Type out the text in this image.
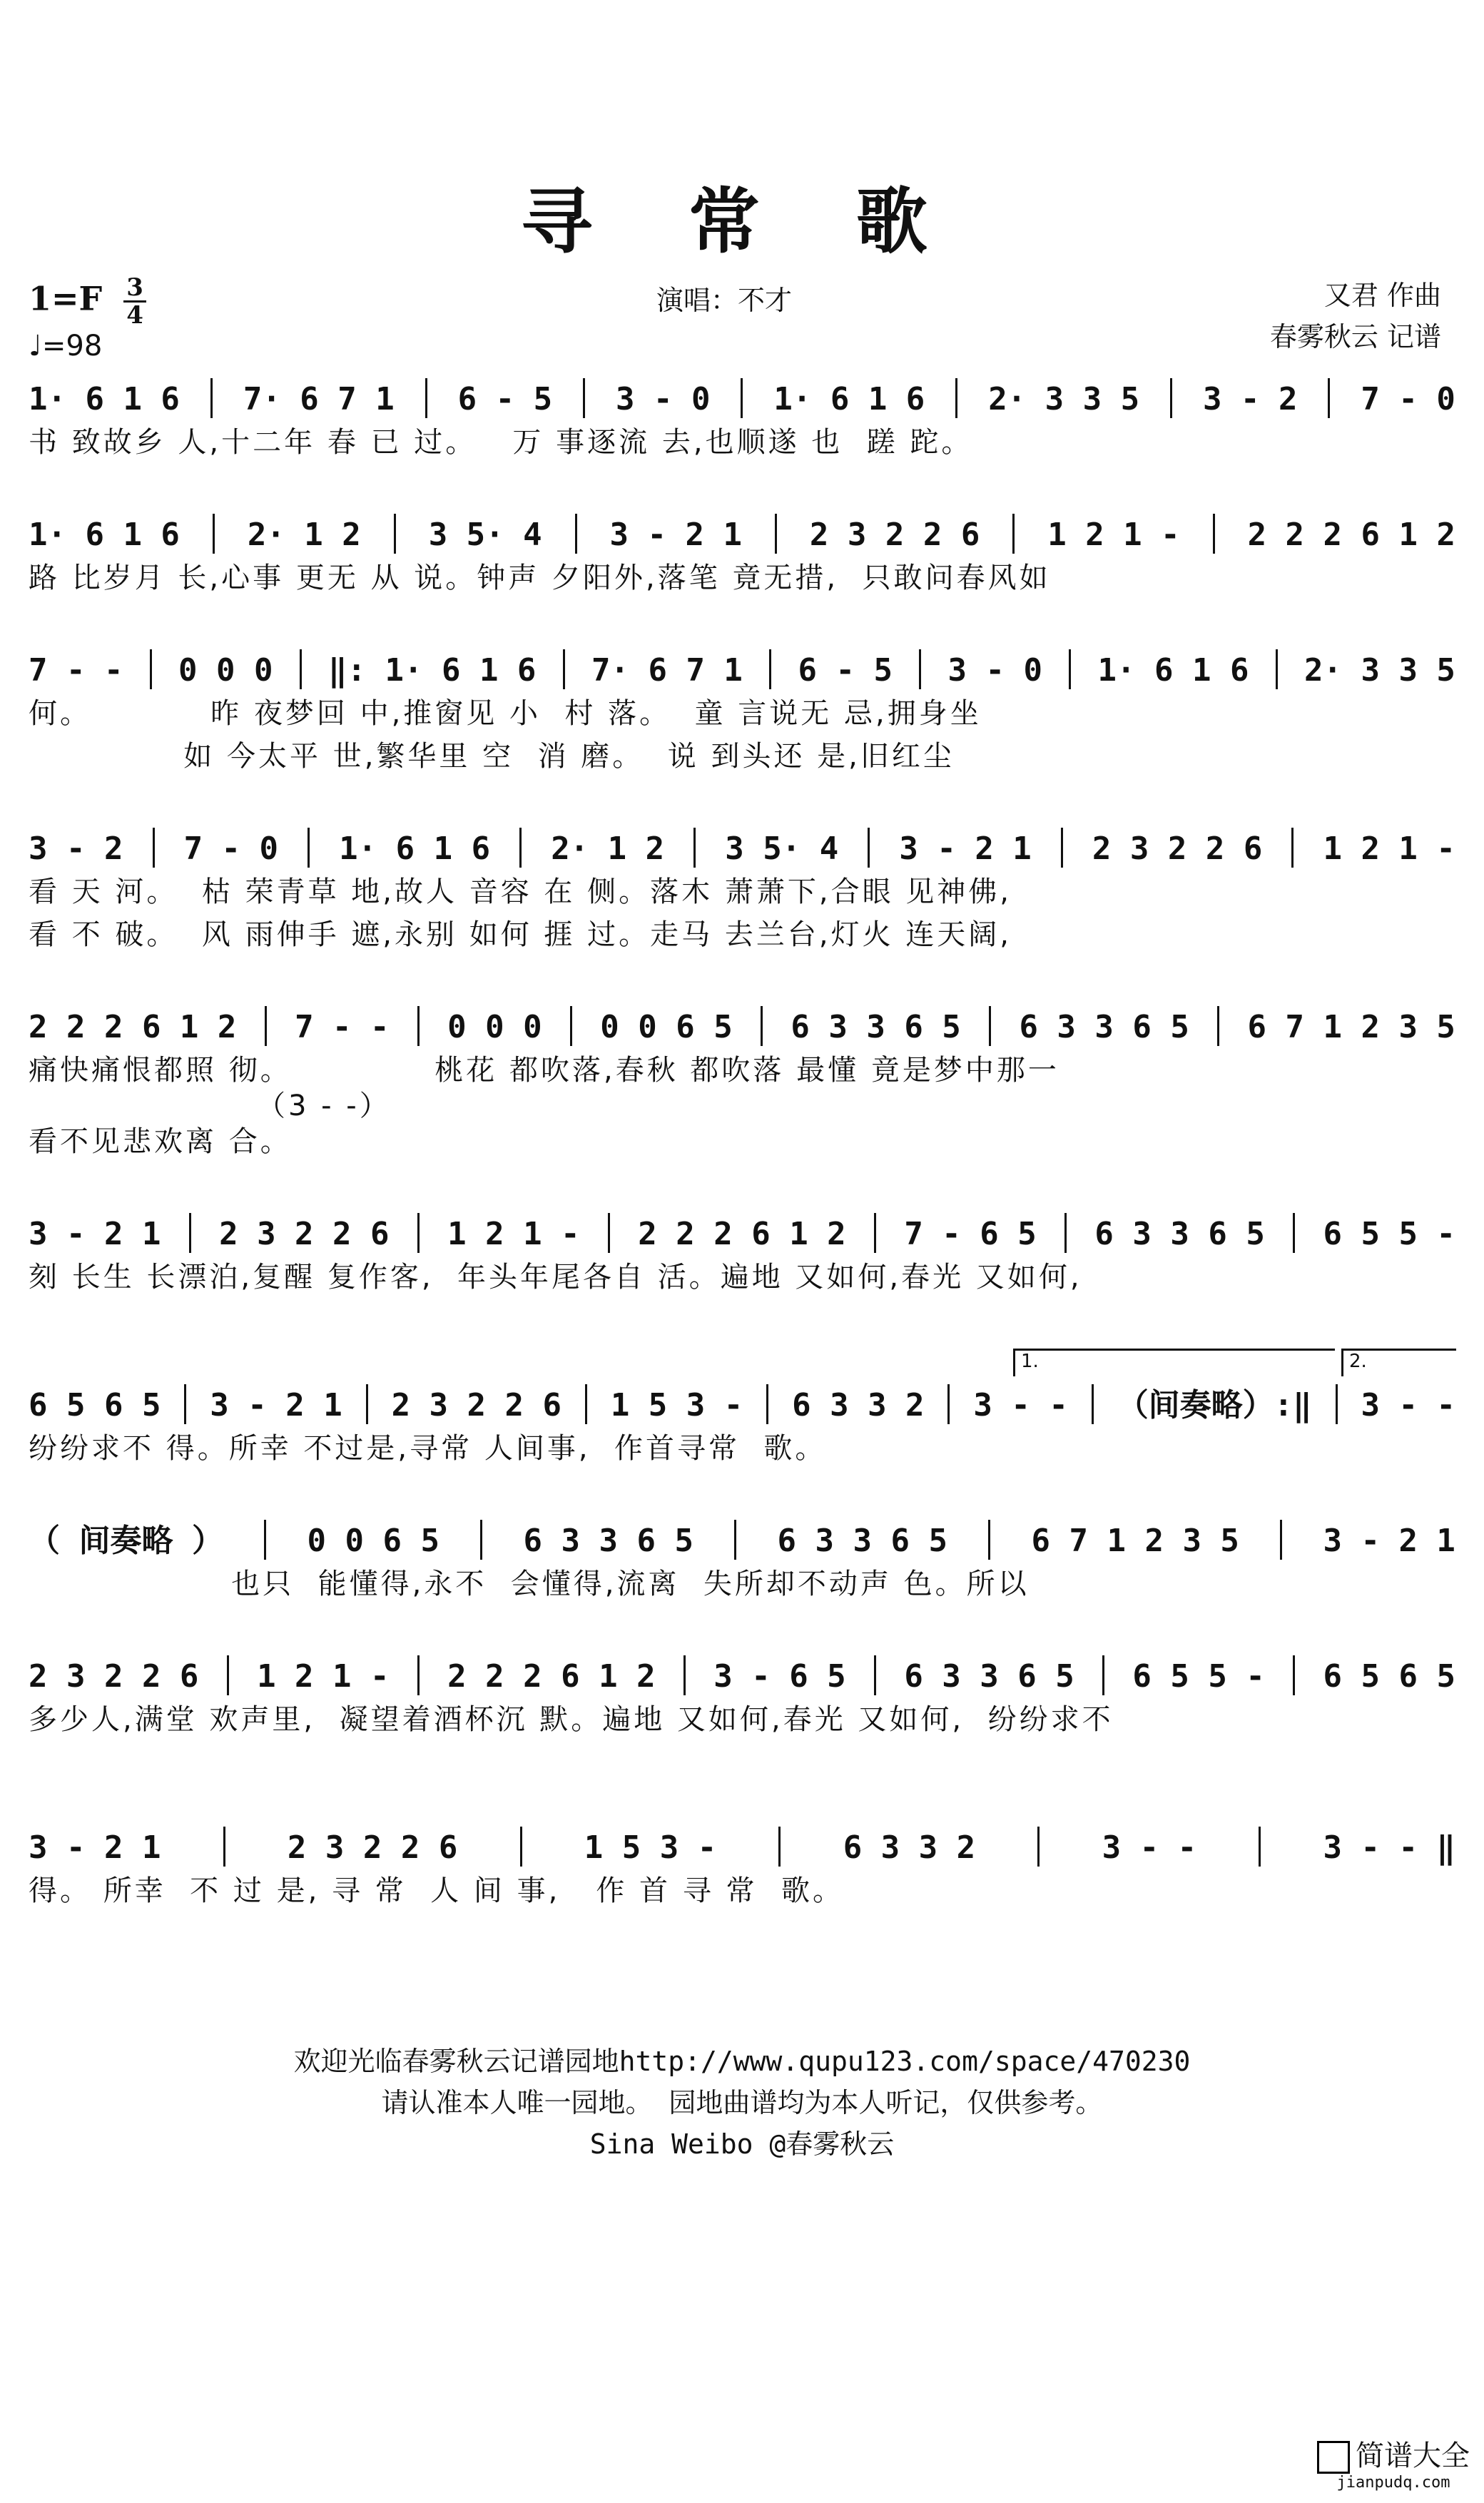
寻 常 歌
$1=F \frac{3}{4}$
♩=98
演唱：不才	又君 作曲
春雾秋云 记谱
1· 6 1 6 7· 6 7 1 6 - 5 3 - 0 1· 6 1 6 2· 3 3 5 3 - 2 7 - 0
书 致故乡 人,十二年 春 已 过。   万 事逐流 去,也顺遂 也  蹉 跎。
1· 6 1 6 2· 1 2 3 5· 4 3 - 2 1 2 3 2 2 6 1 2 1 - 2 2 2 6 1 2
路 比岁月 长,心事 更无 从 说。钟声 夕阳外,落笔 竟无措,  只敢问春风如
7 - - 0 0 0 ‖: 1· 6 1 6 7· 6 7 1 6 - 5 3 - 0 1· 6 1 6 2· 3 3 5
何。          昨 夜梦回 中,推窗见 小  村 落。  童 言说无 忌,拥身坐
如 今太平 世,繁华里 空  消 磨。  说 到头还 是,旧红尘
3 - 2 7 - 0 1· 6 1 6 2· 1 2 3 5· 4 3 - 2 1 2 3 2 2 6 1 2 1 -
看 天 河。  枯 荣青草 地,故人 音容 在 侧。落木 萧萧下,合眼 见神佛,
看 不 破。  风 雨伸手 遮,永别 如何 捱 过。走马 去兰台,灯火 连天阔,
2 2 2 6 1 2 7 - - 0 0 0 0 0 6 5 6 3 3 6 5 6 3 3 6 5 6 7 1 2 3 5
痛快痛恨都照 彻。            桃花 都吹落,春秋 都吹落 最懂 竟是梦中那一
（3 - -）
看不见悲欢离 合。
3 - 2 1 2 3 2 2 6 1 2 1 - 2 2 2 6 1 2 7 - 6 5 6 3 3 6 5 6 5 5 -
刻 长生 长漂泊,复醒 复作客,  年头年尾各自 活。遍地 又如何,春光 又如何,
6 5 6 5 3 - 2 1 2 3 2 2 6 1 5 3 - 6 3 3 2 3 - - （间奏略）:‖ 3 - -
纷纷求不 得。所幸 不过是,寻常 人间事,  作首寻常  歌。
1.	2.
（ 间奏略 ）	0 0 6 5	6 3 3 6 5	6 3 3 6 5	6 7 1 2 3 5	3 - 2 1
也只  能懂得,永不  会懂得,流离  失所却不动声 色。所以
2 3 2 2 6 1 2 1 - 2 2 2 6 1 2 3 - 6 5 6 3 3 6 5 6 5 5 - 6 5 6 5
多少人,满堂 欢声里,  凝望着酒杯沉 默。遍地 又如何,春光 又如何,  纷纷求不
3 - 2 1	2 3 2 2 6	1 5 3 -	6 3 3 2	3 - -	3 - - ‖
得。 所幸  不 过 是, 寻 常  人 间 事,   作 首 寻 常  歌。
欢迎光临春雾秋云记谱园地http://www.qupu123.com/space/470230
请认准本人唯一园地。 园地曲谱均为本人听记，仅供参考。
Sina Weibo @春雾秋云
简谱大全
jianpudq.com
